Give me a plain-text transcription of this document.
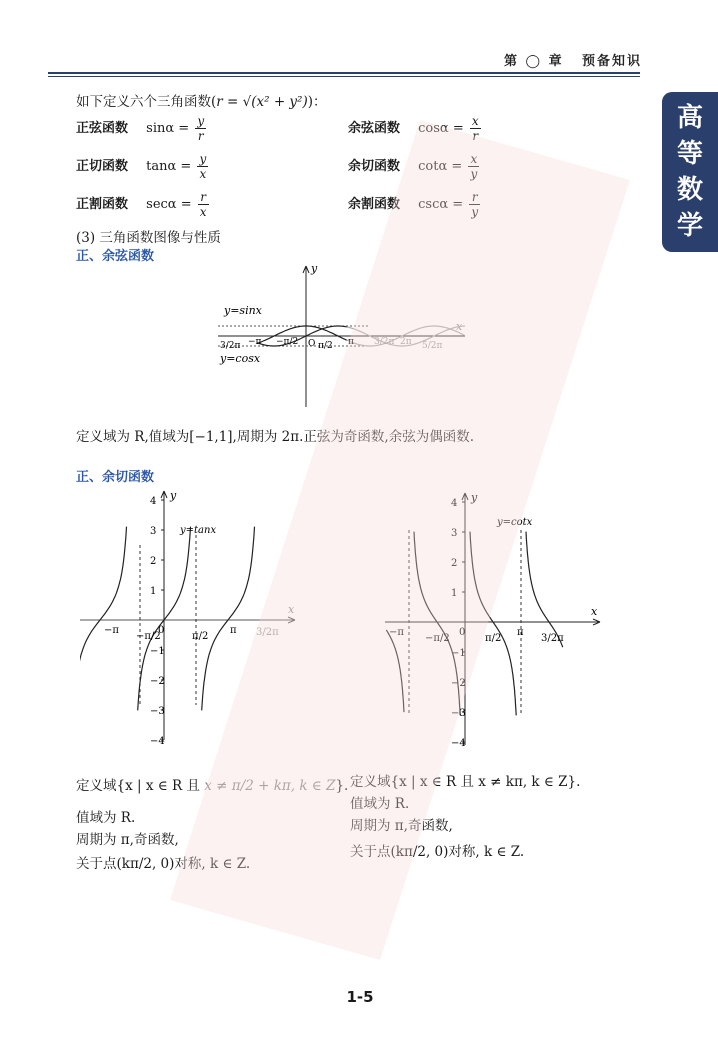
第 ◯ 章 预备知识
高
等
数
学
如下定义六个三角函数(r = √(x² + y²))：
正弦函数 $\sin\alpha = \frac{y}{r}$	余弦函数 $\cos\alpha = \frac{x}{r}$
正切函数 $\tan\alpha = \frac{y}{x}$	余切函数 $\cot\alpha = \frac{x}{y}$
正割函数 $\sec\alpha = \frac{r}{x}$	余割函数 $\csc\alpha = \frac{r}{y}$
(3) 三角函数图像与性质
正、余弦函数
y
x
y=sinx
y=cosx
3/2π −π −π/2 O π/2 π 3/2π 2π 5/2π
定义域为 R,值域为[−1,1],周期为 2π.正弦为奇函数,余弦为偶函数.
正、余切函数
y
x
4
3
2
1
−1
−2
−3
−4
y=tanx
−π
−π/2
0
π/2
π 3/2π
y
x
4
3
2
1
−1
−2
−3
−4
y=cotx
−π
−π/2
0
π/2
π
3/2π
定义域{x | x ∈ R 且 x ≠ π/2 + kπ, k ∈ Z}.
值域为 R.
周期为 π,奇函数,
关于点(kπ/2, 0)对称, k ∈ Z.
定义域{x | x ∈ R 且 x ≠ kπ, k ∈ Z}.
值域为 R.
周期为 π,奇函数,
关于点(kπ/2, 0)对称, k ∈ Z.
1-5
